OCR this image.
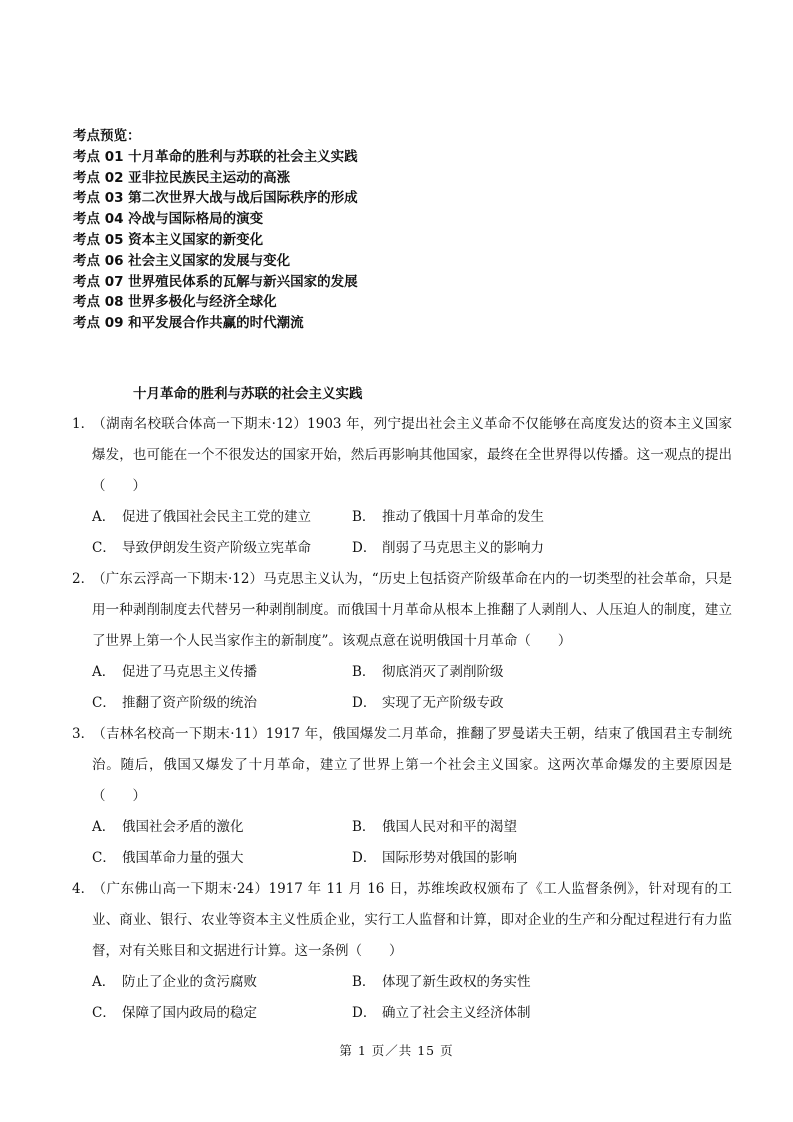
考点预览：
考点 01 十月革命的胜利与苏联的社会主义实践
考点 02 亚非拉民族民主运动的高涨
考点 03 第二次世界大战与战后国际秩序的形成
考点 04 冷战与国际格局的演变
考点 05 资本主义国家的新变化
考点 06 社会主义国家的发展与变化
考点 07 世界殖民体系的瓦解与新兴国家的发展
考点 08 世界多极化与经济全球化
考点 09 和平发展合作共赢的时代潮流
十月革命的胜利与苏联的社会主义实践
1．（湖南名校联合体高一下期末·12）1903 年，列宁提出社会主义革命不仅能够在高度发达的资本主义国家爆发，也可能在一个不很发达的国家开始，然后再影响其他国家，最终在全世界得以传播。这一观点的提出（　　）
A． 促进了俄国社会民主工党的建立	B． 推动了俄国十月革命的发生
C． 导致伊朗发生资产阶级立宪革命	D． 削弱了马克思主义的影响力
2．（广东云浮高一下期末·12）马克思主义认为，“历史上包括资产阶级革命在内的一切类型的社会革命，只是用一种剥削制度去代替另一种剥削制度。而俄国十月革命从根本上推翻了人剥削人、人压迫人的制度，建立了世界上第一个人民当家作主的新制度”。该观点意在说明俄国十月革命（　　）
A． 促进了马克思主义传播	B． 彻底消灭了剥削阶级
C． 推翻了资产阶级的统治	D． 实现了无产阶级专政
3．（吉林名校高一下期末·11）1917 年，俄国爆发二月革命，推翻了罗曼诺夫王朝，结束了俄国君主专制统治。随后，俄国又爆发了十月革命，建立了世界上第一个社会主义国家。这两次革命爆发的主要原因是（　　）
A． 俄国社会矛盾的激化	B． 俄国人民对和平的渴望
C． 俄国革命力量的强大	D． 国际形势对俄国的影响
4．（广东佛山高一下期末·24）1917 年 11 月 16 日，苏维埃政权颁布了《工人监督条例》，针对现有的工业、商业、银行、农业等资本主义性质企业，实行工人监督和计算，即对企业的生产和分配过程进行有力监督，对有关账目和文据进行计算。这一条例（　　）
A． 防止了企业的贪污腐败	B． 体现了新生政权的务实性
C． 保障了国内政局的稳定	D． 确立了社会主义经济体制
第 1 页／共 15 页
